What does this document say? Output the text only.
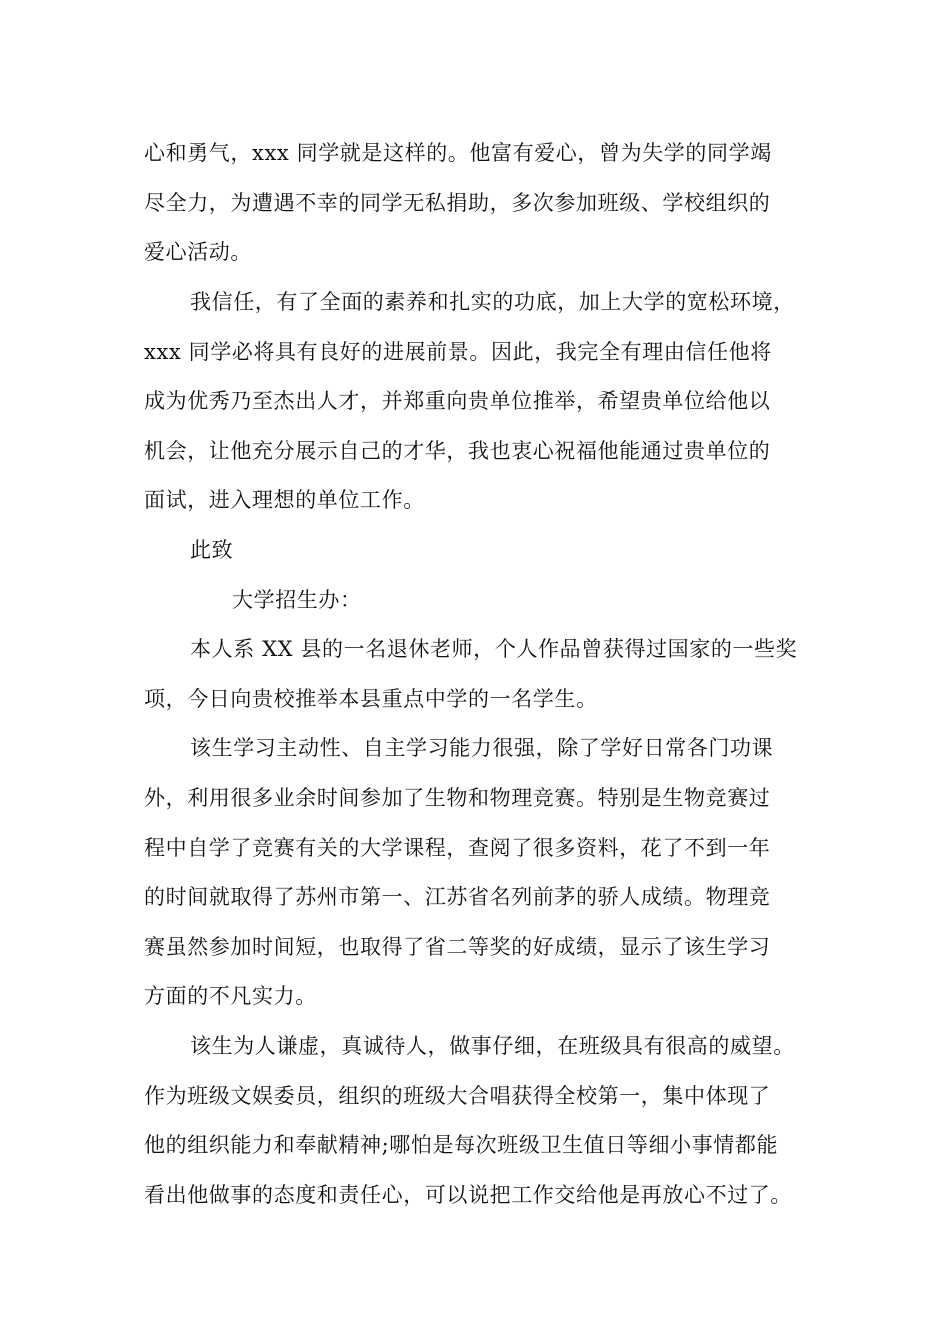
心和勇气，xxx 同学就是这样的。他富有爱心，曾为失学的同学竭

尽全力，为遭遇不幸的同学无私捐助，多次参加班级、学校组织的

爱心活动。

我信任，有了全面的素养和扎实的功底，加上大学的宽松环境，

xxx 同学必将具有良好的进展前景。因此，我完全有理由信任他将

成为优秀乃至杰出人才，并郑重向贵单位推举，希望贵单位给他以

机会，让他充分展示自己的才华，我也衷心祝福他能通过贵单位的

面试，进入理想的单位工作。

此致

大学招生办：

本人系 XX 县的一名退休老师，个人作品曾获得过国家的一些奖

项，今日向贵校推举本县重点中学的一名学生。

该生学习主动性、自主学习能力很强，除了学好日常各门功课

外，利用很多业余时间参加了生物和物理竞赛。特别是生物竞赛过

程中自学了竞赛有关的大学课程，查阅了很多资料，花了不到一年

的时间就取得了苏州市第一、江苏省名列前茅的骄人成绩。物理竞

赛虽然参加时间短，也取得了省二等奖的好成绩，显示了该生学习

方面的不凡实力。

该生为人谦虚，真诚待人，做事仔细，在班级具有很高的威望。

作为班级文娱委员，组织的班级大合唱获得全校第一，集中体现了

他的组织能力和奉献精神;哪怕是每次班级卫生值日等细小事情都能

看出他做事的态度和责任心，可以说把工作交给他是再放心不过了。
